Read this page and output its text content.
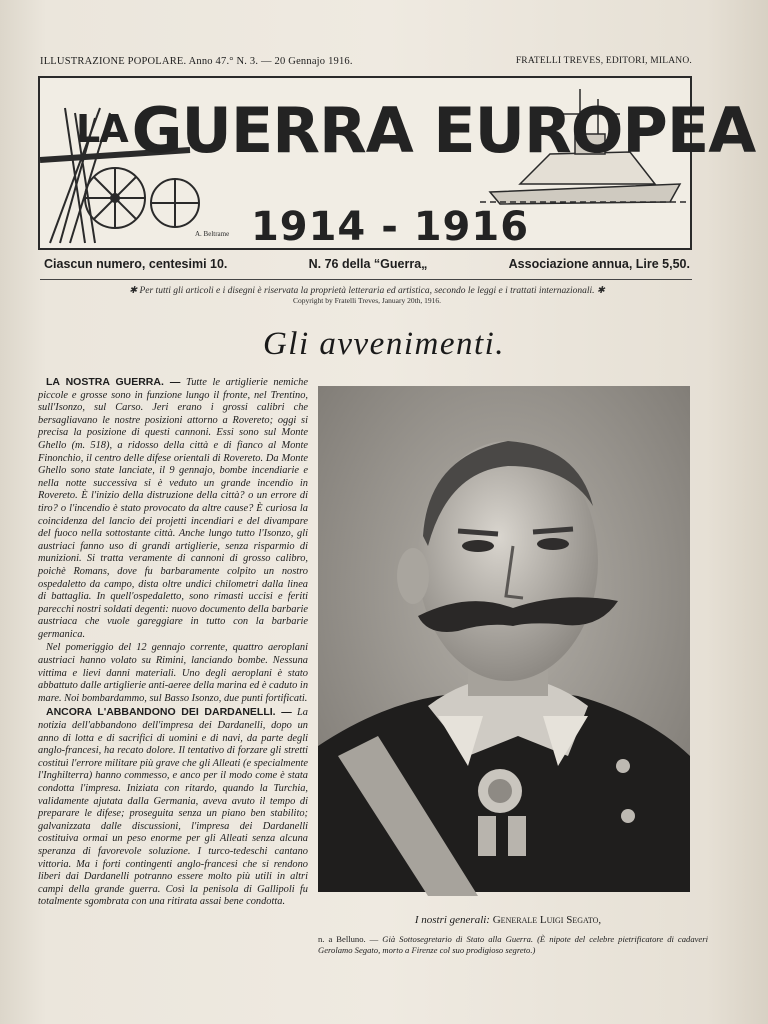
ILLUSTRAZIONE POPOLARE. Anno 47.° N. 3. — 20 Gennajo 1916.	FRATELLI TREVES, EDITORI, MILANO.
A. Beltrame
LAGUERRA EUROPEA
1914 - 1916
Ciascun numero, centesimi 10.	N. 76 della “Guerra„	Associazione annua, Lire 5,50.
✱ Per tutti gli articoli e i disegni è riservata la proprietà letteraria ed artistica, secondo le leggi e i trattati internazionali. ✱
Copyright by Fratelli Treves, January 20th, 1916.
Gli avvenimenti.

LA NOSTRA GUERRA. — Tutte le artiglierie nemiche piccole e grosse sono in funzione lungo il fronte, nel Trentino, sull'Isonzo, sul Carso. Jeri erano i grossi calibri che bersagliavano le nostre posizioni attorno a Rovereto; oggi si precisa la posizione di questi cannoni. Essi sono sul Monte Ghello (m. 518), a ridosso della città e di fianco al Monte Finonchio, il centro delle difese orientali di Rovereto. Da Monte Ghello sono state lanciate, il 9 gennajo, bombe incendiarie e nella notte successiva si è veduto un grande incendio in Rovereto. È l'inizio della distruzione della città? o un errore di tiro? o l'incendio è stato provocato da altre cause? È curiosa la coincidenza del lancio dei projetti incendiari e del divampare del fuoco nella sottostante città. Anche lungo tutto l'Isonzo, gli austriaci fanno uso di grandi artiglierie, senza risparmio di munizioni. Si tratta veramente di cannoni di grosso calibro, poichè Romans, dove fu barbaramente colpito un nostro ospedaletto da campo, dista oltre undici chilometri dalla linea di battaglia. In quell'ospedaletto, sono rimasti uccisi e feriti parecchi nostri soldati degenti: nuovo documento della barbarie austriaca che vuole gareggiare in tutto con la barbarie germanica.

Nel pomeriggio del 12 gennajo corrente, quattro aeroplani austriaci hanno volato su Rimini, lanciando bombe. Nessuna vittima e lievi danni materiali. Uno degli aeroplani è stato abbattuto dalle artiglierie anti-aeree della marina ed è caduto in mare. Noi bombardammo, sul Basso Isonzo, due punti fortificati.

ANCORA L'ABBANDONO DEI DARDANELLI. — La notizia dell'abbandono dell'impresa dei Dardanelli, dopo un anno di lotta e di sacrifici di uomini e di navi, da parte degli anglo-francesi, ha recato dolore. Il tentativo di forzare gli stretti costituì l'errore militare più grave che gli Alleati (e specialmente l'Inghilterra) hanno commesso, e anco per il modo come è stata condotta l'impresa. Iniziata con ritardo, quando la Turchia, validamente ajutata dalla Germania, aveva avuto il tempo di preparare le difese; proseguita senza un piano ben stabilito; galvanizzata dalle discussioni, l'impresa dei Dardanelli costituiva ormai un peso enorme per gli Alleati senza alcuna speranza di favorevole soluzione. I turco-tedeschi cantano vittoria. Ma i forti contingenti anglo-francesi che si rendono liberi dai Dardanelli potranno essere molto più utili in altri campi della grande guerra. Così la penisola di Gallipoli fu totalmente sgombrata con una ritirata assai bene condotta.

I nostri generali: Generale Luigi Segato,
n. a Belluno. — Già Sottosegretario di Stato alla Guerra. (È nipote del celebre pietrificatore di cadaveri Gerolamo Segato, morto a Firenze col suo prodigioso segreto.)
